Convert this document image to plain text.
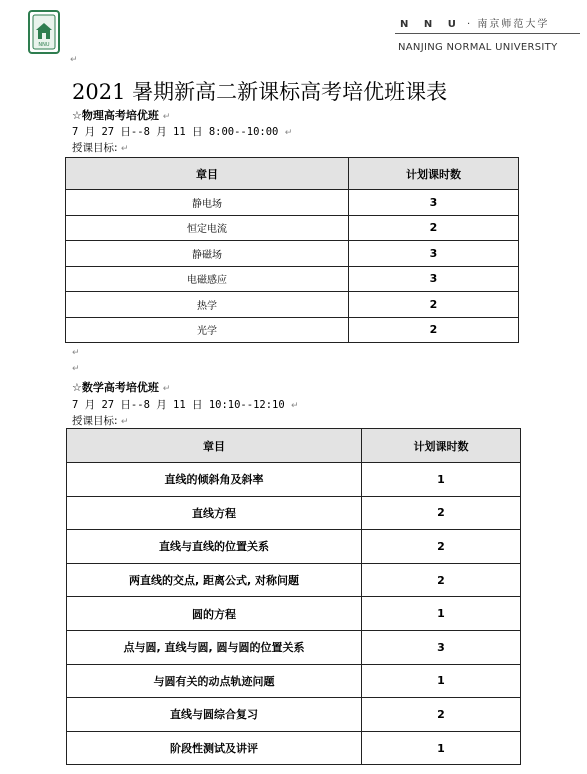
NNU
N N U · 南京师范大学
NANJING NORMAL UNIVERSITY
↵
2021 暑期新高二新课标高考培优班课表
☆物理高考培优班 ↵
7 月 27 日--8 月 11 日 8:00--10:00 ↵
授课目标: ↵
章目	计划课时数
静电场	3
恒定电流	2
静磁场	3
电磁感应	3
热学	2
光学	2
↵
↵
☆数学高考培优班 ↵
7 月 27 日--8 月 11 日 10:10--12:10 ↵
授课目标: ↵
章目	计划课时数
直线的倾斜角及斜率	1
直线方程	2
直线与直线的位置关系	2
两直线的交点, 距离公式, 对称问题	2
圆的方程	1
点与圆, 直线与圆, 圆与圆的位置关系	3
与圆有关的动点轨迹问题	1
直线与圆综合复习	2
阶段性测试及讲评	1
